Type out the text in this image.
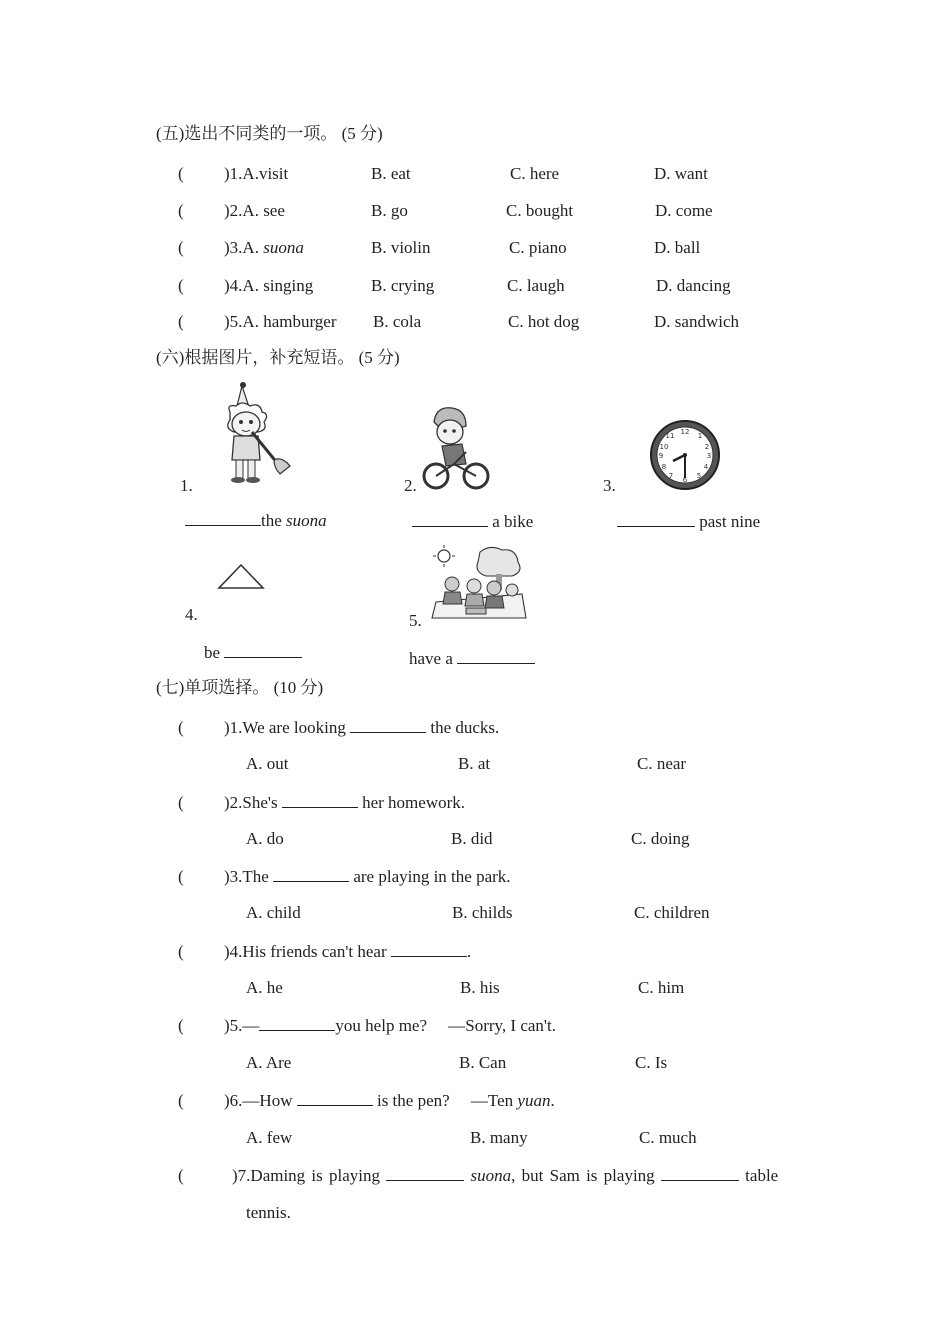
(五)选出不同类的一项。 (5 分)
( )1.A.visit	B. eat	C. here	D. want
( )2.A. see	B. go	C. bought	D. come
( )3.A. suona	B. violin	C. piano	D. ball
( )4.A. singing	B. crying	C. laugh	D. dancing
( )5.A. hamburger B. cola	C. hot dog	D. sandwich
(六)根据图片，补充短语。 (5 分)
12 1
2
3
4
5
6
7
8
9
10
11
1.	2.	3.
4.	5.
the suona	a bike	past nine
be	have a
(七)单项选择。 (10 分)
( )1.We are looking	the ducks.
A. out	B. at	C. near
( )2.She's	her homework.
A. do	B. did	C. doing
( )3.The	are playing in the park.
A. child	B. childs	C. children
( )4.His friends can't hear	.
A. he	B. his	C. him
( )5.—	you help me?     —Sorry, I can't.
A. Are	B. Can	C. Is
( )6.—How	is the pen?     —Ten yuan.
A. few	B. many	C. much
(	)7.Daming is playing	suona, but Sam is playing	table
tennis.
